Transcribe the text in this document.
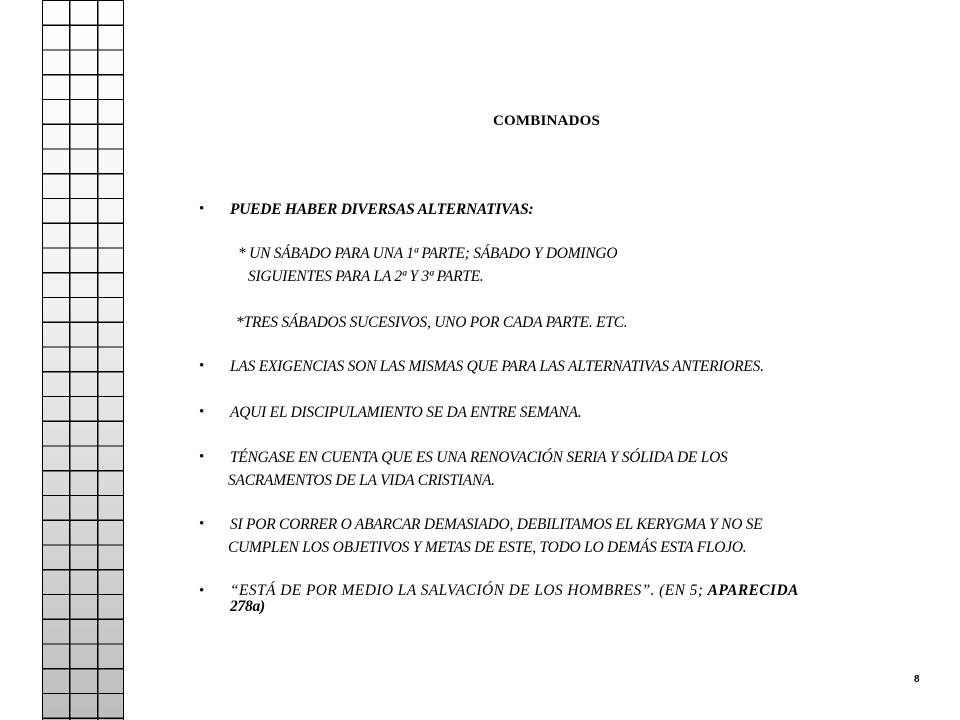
COMBINADOS
• PUEDE HABER DIVERSAS ALTERNATIVAS:
* UN SÁBADO PARA UNA 1ª PARTE; SÁBADO Y DOMINGO
SIGUIENTES PARA LA 2ª Y 3ª PARTE.
*TRES SÁBADOS SUCESIVOS, UNO POR CADA PARTE. ETC.
• LAS EXIGENCIAS SON LAS MISMAS QUE PARA LAS ALTERNATIVAS ANTERIORES.
• AQUI EL DISCIPULAMIENTO SE DA ENTRE SEMANA.
• TÉNGASE EN CUENTA QUE ES UNA RENOVACIÓN SERIA Y SÓLIDA DE LOS
SACRAMENTOS DE LA VIDA CRISTIANA.
• SI POR CORRER O ABARCAR DEMASIADO, DEBILITAMOS EL KERYGMA Y NO SE
CUMPLEN LOS OBJETIVOS Y METAS DE ESTE, TODO LO DEMÁS ESTA FLOJO.
• “ESTÁ DE POR MEDIO LA SALVACIÓN DE LOS HOMBRES”. (EN 5; APARECIDA
278a)
8
